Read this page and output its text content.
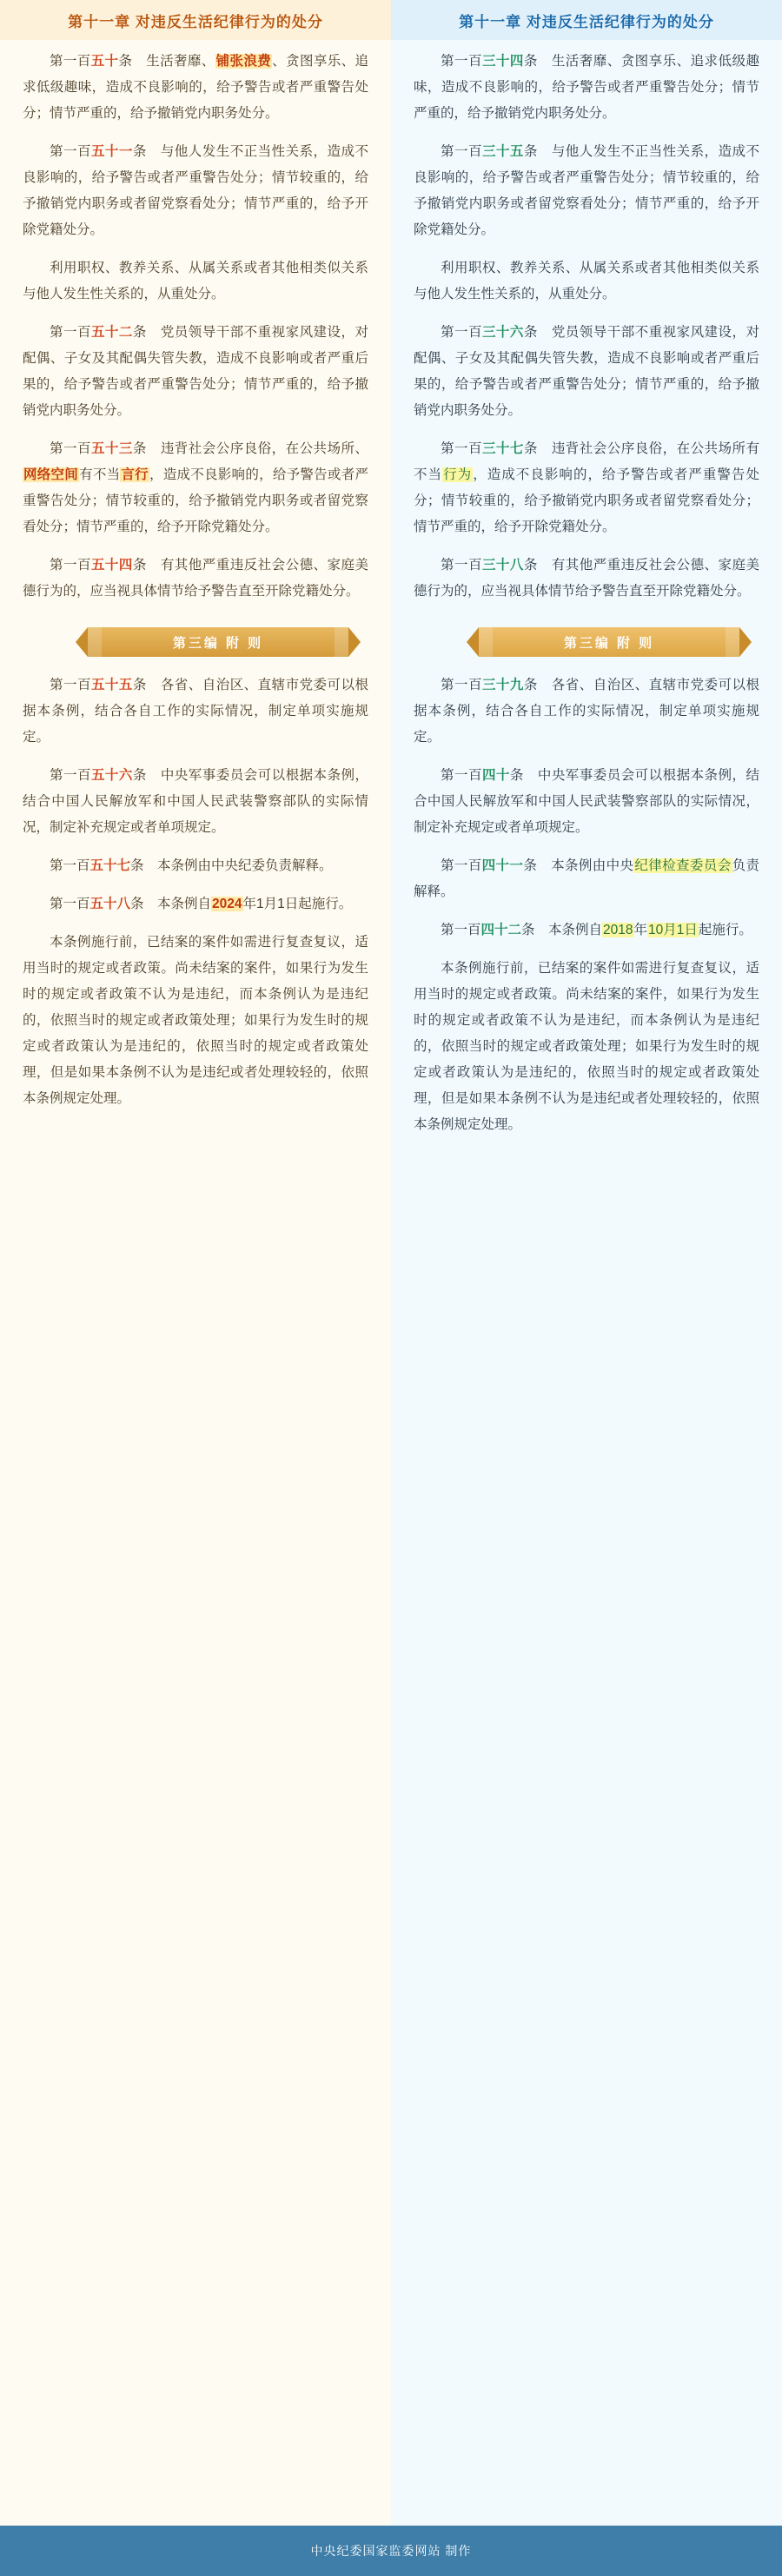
第十一章 对违反生活纪律行为的处分

第一百五十条　生活奢靡、铺张浪费、贪图享乐、追求低级趣味，造成不良影响的，给予警告或者严重警告处分；情节严重的，给予撤销党内职务处分。

第一百五十一条　与他人发生不正当性关系，造成不良影响的，给予警告或者严重警告处分；情节较重的，给予撤销党内职务或者留党察看处分；情节严重的，给予开除党籍处分。

利用职权、教养关系、从属关系或者其他相类似关系与他人发生性关系的，从重处分。

第一百五十二条　党员领导干部不重视家风建设，对配偶、子女及其配偶失管失教，造成不良影响或者严重后果的，给予警告或者严重警告处分；情节严重的，给予撤销党内职务处分。

第一百五十三条　违背社会公序良俗，在公共场所、网络空间有不当言行，造成不良影响的，给予警告或者严重警告处分；情节较重的，给予撤销党内职务或者留党察看处分；情节严重的，给予开除党籍处分。

第一百五十四条　有其他严重违反社会公德、家庭美德行为的，应当视具体情节给予警告直至开除党籍处分。

第三编 附 则

第一百五十五条　各省、自治区、直辖市党委可以根据本条例，结合各自工作的实际情况，制定单项实施规定。

第一百五十六条　中央军事委员会可以根据本条例，结合中国人民解放军和中国人民武装警察部队的实际情况，制定补充规定或者单项规定。

第一百五十七条　本条例由中央纪委负责解释。

第一百五十八条　本条例自2024年1月1日起施行。

本条例施行前，已结案的案件如需进行复查复议，适用当时的规定或者政策。尚未结案的案件，如果行为发生时的规定或者政策不认为是违纪，而本条例认为是违纪的，依照当时的规定或者政策处理；如果行为发生时的规定或者政策认为是违纪的，依照当时的规定或者政策处理，但是如果本条例不认为是违纪或者处理较轻的，依照本条例规定处理。

第十一章 对违反生活纪律行为的处分

第一百三十四条　生活奢靡、贪图享乐、追求低级趣味，造成不良影响的，给予警告或者严重警告处分；情节严重的，给予撤销党内职务处分。

第一百三十五条　与他人发生不正当性关系，造成不良影响的，给予警告或者严重警告处分；情节较重的，给予撤销党内职务或者留党察看处分；情节严重的，给予开除党籍处分。

利用职权、教养关系、从属关系或者其他相类似关系与他人发生性关系的，从重处分。

第一百三十六条　党员领导干部不重视家风建设，对配偶、子女及其配偶失管失教，造成不良影响或者严重后果的，给予警告或者严重警告处分；情节严重的，给予撤销党内职务处分。

第一百三十七条　违背社会公序良俗，在公共场所有不当行为，造成不良影响的，给予警告或者严重警告处分；情节较重的，给予撤销党内职务或者留党察看处分；情节严重的，给予开除党籍处分。

第一百三十八条　有其他严重违反社会公德、家庭美德行为的，应当视具体情节给予警告直至开除党籍处分。

第三编 附 则

第一百三十九条　各省、自治区、直辖市党委可以根据本条例，结合各自工作的实际情况，制定单项实施规定。

第一百四十条　中央军事委员会可以根据本条例，结合中国人民解放军和中国人民武装警察部队的实际情况，制定补充规定或者单项规定。

第一百四十一条　本条例由中央纪律检查委员会负责解释。

第一百四十二条　本条例自2018年10月1日起施行。

本条例施行前，已结案的案件如需进行复查复议，适用当时的规定或者政策。尚未结案的案件，如果行为发生时的规定或者政策不认为是违纪，而本条例认为是违纪的，依照当时的规定或者政策处理；如果行为发生时的规定或者政策认为是违纪的，依照当时的规定或者政策处理，但是如果本条例不认为是违纪或者处理较轻的，依照本条例规定处理。

中央纪委国家监委网站 制作
